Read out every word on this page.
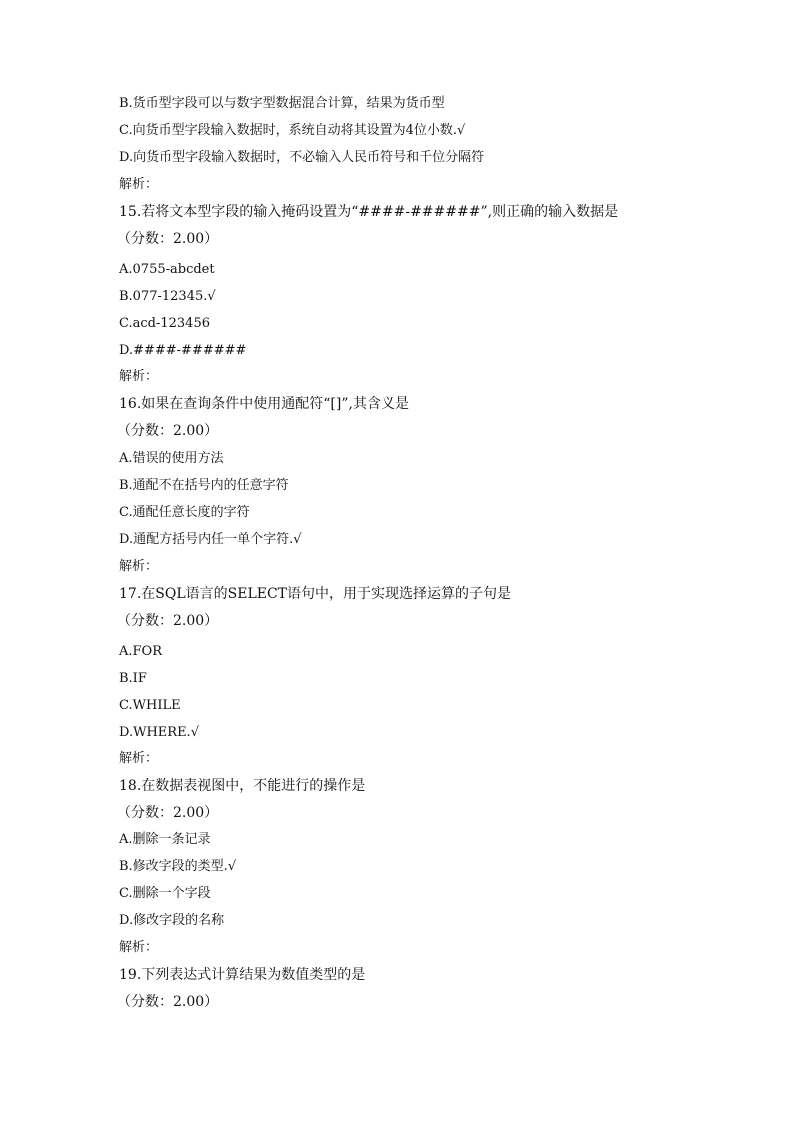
B.货币型字段可以与数字型数据混合计算，结果为货币型
C.向货币型字段输入数据时，系统自动将其设置为4位小数.√
D.向货币型字段输入数据时，不必输入人民币符号和千位分隔符
解析：
15.若将文本型字段的输入掩码设置为“####-######”,则正确的输入数据是
（分数：2.00）
A.0755-abcdet
B.077-12345.√
C.acd-123456
D.####-######
解析：
16.如果在查询条件中使用通配符“[]”,其含义是
（分数：2.00）
A.错误的使用方法
B.通配不在括号内的任意字符
C.通配任意长度的字符
D.通配方括号内任一单个字符.√
解析：
17.在SQL语言的SELECT语句中，用于实现选择运算的子句是
（分数：2.00）
A.FOR
B.IF
C.WHILE
D.WHERE.√
解析：
18.在数据表视图中，不能进行的操作是
（分数：2.00）
A.删除一条记录
B.修改字段的类型.√
C.删除一个字段
D.修改字段的名称
解析：
19.下列表达式计算结果为数值类型的是
（分数：2.00）
